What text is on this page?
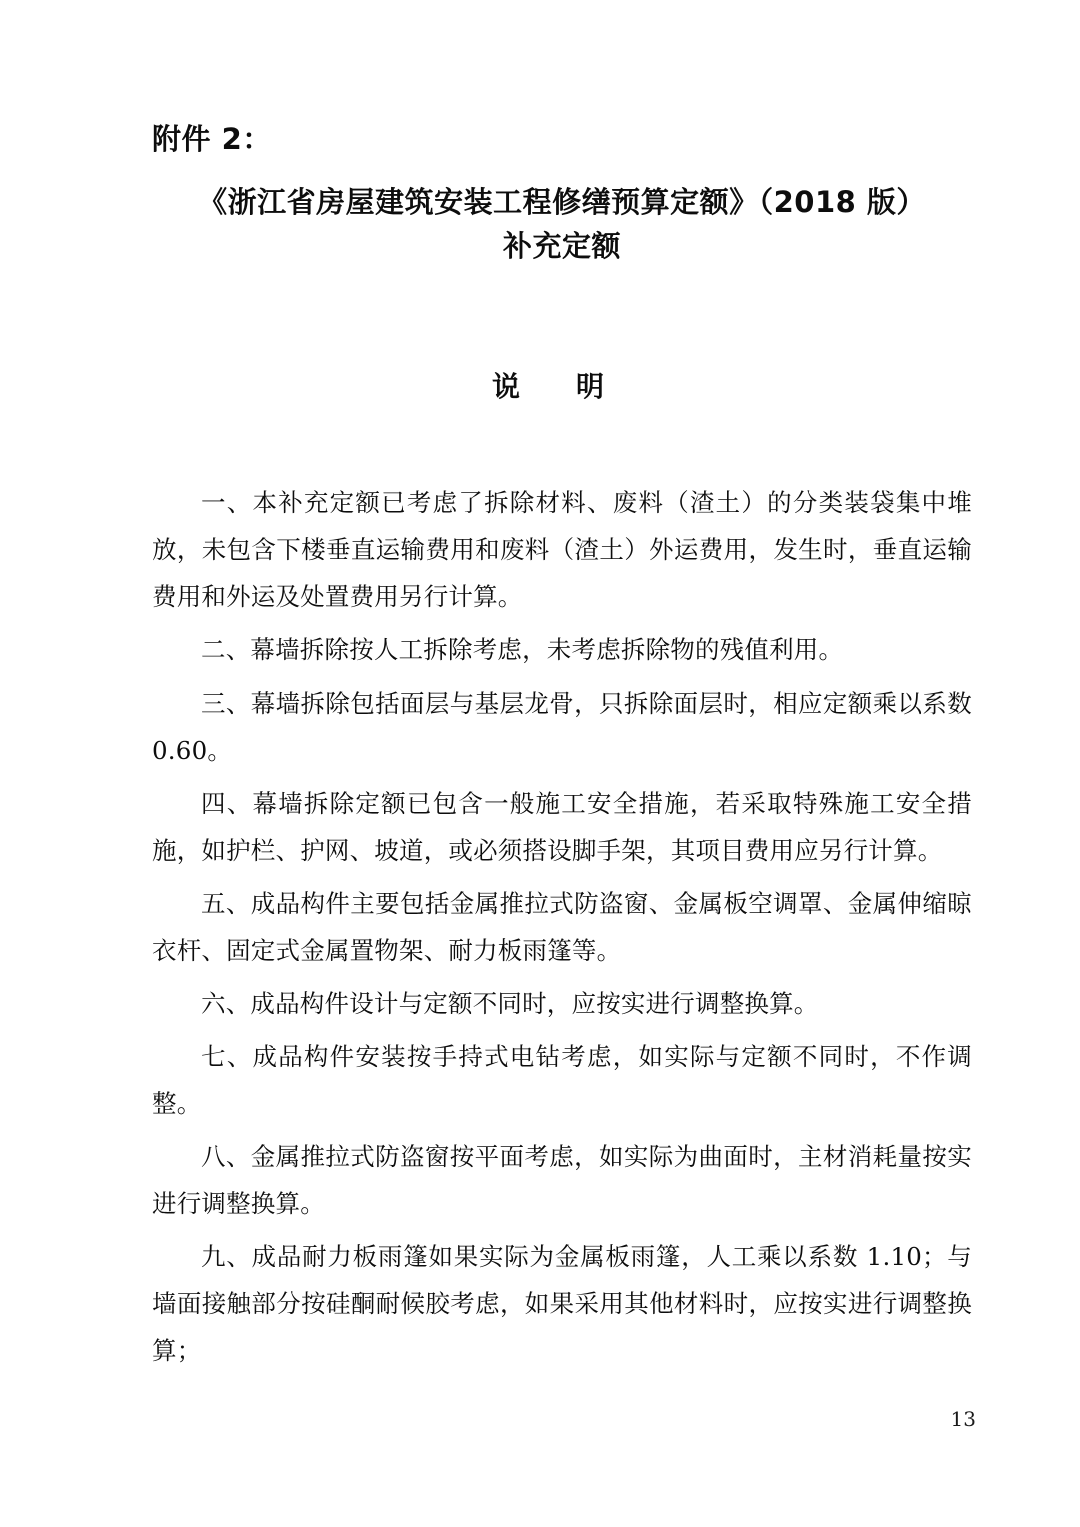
附件 2：
《浙江省房屋建筑安装工程修缮预算定额》（2018 版）
补充定额
说　明

一、本补充定额已考虑了拆除材料、废料（渣土）的分类装袋集中堆放，未包含下楼垂直运输费用和废料（渣土）外运费用，发生时，垂直运输费用和外运及处置费用另行计算。

二、幕墙拆除按人工拆除考虑，未考虑拆除物的残值利用。

三、幕墙拆除包括面层与基层龙骨，只拆除面层时，相应定额乘以系数 0.60。

四、幕墙拆除定额已包含一般施工安全措施，若采取特殊施工安全措施，如护栏、护网、坡道，或必须搭设脚手架，其项目费用应另行计算。

五、成品构件主要包括金属推拉式防盗窗、金属板空调罩、金属伸缩晾衣杆、固定式金属置物架、耐力板雨篷等。

六、成品构件设计与定额不同时，应按实进行调整换算。

七、成品构件安装按手持式电钻考虑，如实际与定额不同时，不作调整。

八、金属推拉式防盗窗按平面考虑，如实际为曲面时，主材消耗量按实进行调整换算。

九、成品耐力板雨篷如果实际为金属板雨篷，人工乘以系数 1.10；与墙面接触部分按硅酮耐候胶考虑，如果采用其他材料时，应按实进行调整换算；

13
